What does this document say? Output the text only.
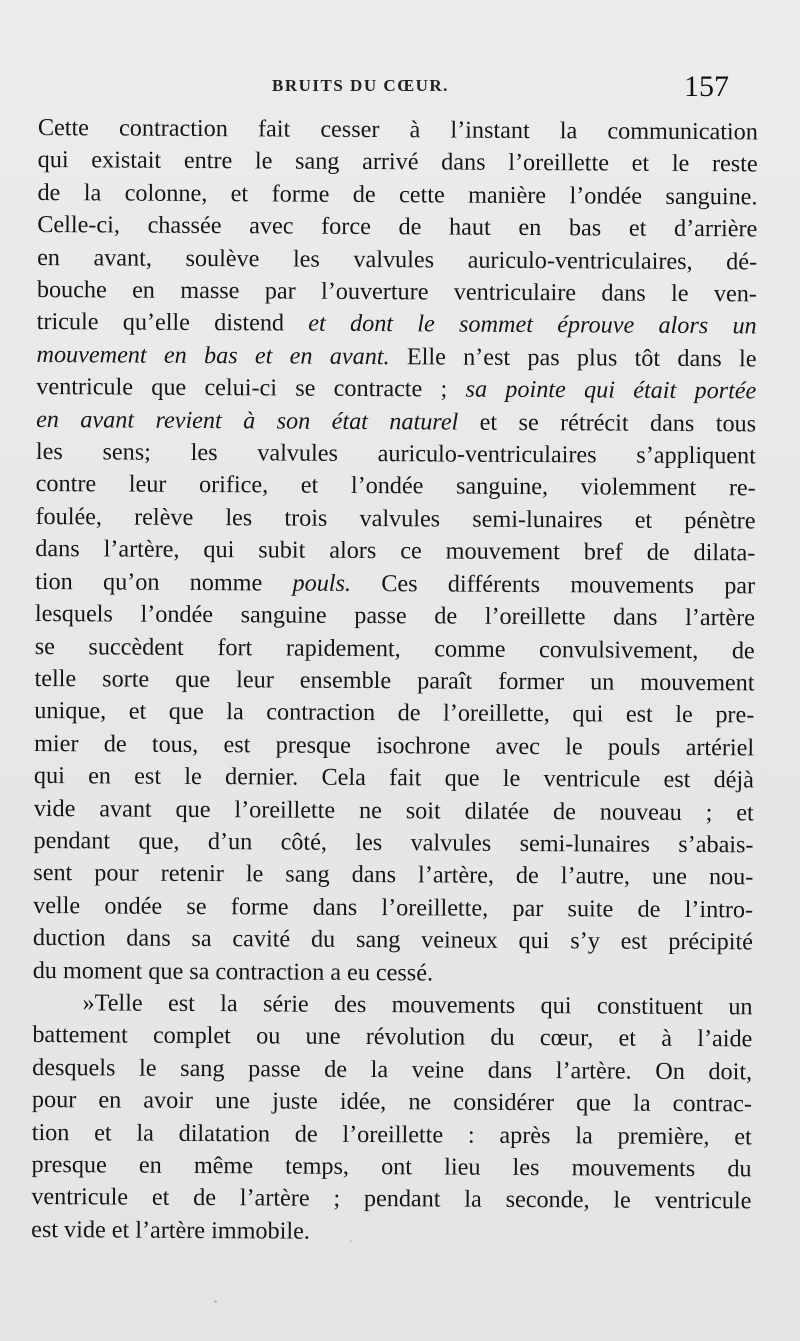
BRUITS DU CŒUR.	157
Cette contraction fait cesser à l’instant la communication
qui existait entre le sang arrivé dans l’oreillette et le reste
de la colonne, et forme de cette manière l’ondée sanguine.
Celle-ci, chassée avec force de haut en bas et d’arrière
en avant, soulève les valvules auriculo-ventriculaires, dé-
bouche en masse par l’ouverture ventriculaire dans le ven-
tricule qu’elle distend et dont le sommet éprouve alors un
mouvement en bas et en avant. Elle n’est pas plus tôt dans le
ventricule que celui-ci se contracte ; sa pointe qui était portée
en avant revient à son état naturel et se rétrécit dans tous
les sens; les valvules auriculo-ventriculaires s’appliquent
contre leur orifice, et l’ondée sanguine, violemment re-
foulée, relève les trois valvules semi-lunaires et pénètre
dans l’artère, qui subit alors ce mouvement bref de dilata-
tion qu’on nomme pouls. Ces différents mouvements par
lesquels l’ondée sanguine passe de l’oreillette dans l’artère
se succèdent fort rapidement, comme convulsivement, de
telle sorte que leur ensemble paraît former un mouvement
unique, et que la contraction de l’oreillette, qui est le pre-
mier de tous, est presque isochrone avec le pouls artériel
qui en est le dernier. Cela fait que le ventricule est déjà
vide avant que l’oreillette ne soit dilatée de nouveau ; et
pendant que, d’un côté, les valvules semi-lunaires s’abais-
sent pour retenir le sang dans l’artère, de l’autre, une nou-
velle ondée se forme dans l’oreillette, par suite de l’intro-
duction dans sa cavité du sang veineux qui s’y est précipité
du moment que sa contraction a eu cessé.
»Telle est la série des mouvements qui constituent un
battement complet ou une révolution du cœur, et à l’aide
desquels le sang passe de la veine dans l’artère. On doit,
pour en avoir une juste idée, ne considérer que la contrac-
tion et la dilatation de l’oreillette : après la première, et
presque en même temps, ont lieu les mouvements du
ventricule et de l’artère ; pendant la seconde, le ventricule
est vide et l’artère immobile.
